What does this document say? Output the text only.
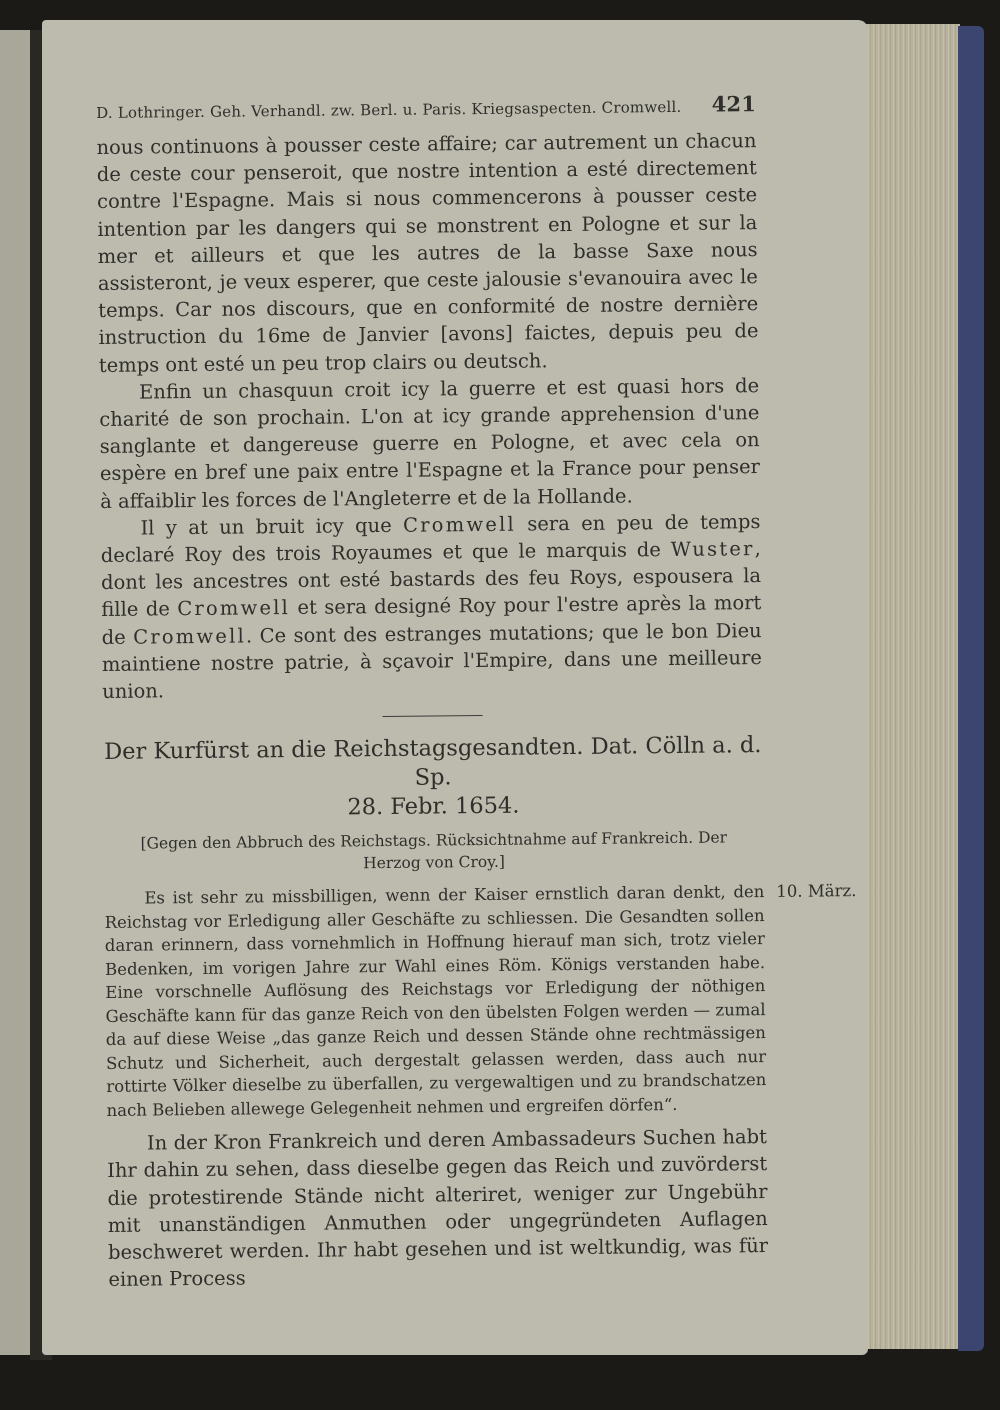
D. Lothringer. Geh. Verhandl. zw. Berl. u. Paris. Kriegsaspecten. Cromwell. 421

nous continuons à pousser ceste affaire; car autrement un chacun de ceste cour penseroit, que nostre intention a esté directement contre l'Espagne. Mais si nous commencerons à pousser ceste intention par les dangers qui se monstrent en Pologne et sur la mer et ailleurs et que les autres de la basse Saxe nous assisteront, je veux esperer, que ceste jalousie s'evanouira avec le temps. Car nos discours, que en conformité de nostre dernière instruction du 16me de Janvier [avons] faictes, depuis peu de temps ont esté un peu trop clairs ou deutsch.

Enfin un chasquun croit icy la guerre et est quasi hors de charité de son prochain. L'on at icy grande apprehension d'une sanglante et dangereuse guerre en Pologne, et avec cela on espère en bref une paix entre l'Espagne et la France pour penser à affaiblir les forces de l'Angleterre et de la Hollande.

Il y at un bruit icy que Cromwell sera en peu de temps declaré Roy des trois Royaumes et que le marquis de Wuster, dont les ancestres ont esté bastards des feu Roys, espousera la fille de Cromwell et sera designé Roy pour l'estre après la mort de Cromwell. Ce sont des estranges mutations; que le bon Dieu maintiene nostre patrie, à sçavoir l'Empire, dans une meilleure union.

Der Kurfürst an die Reichstagsgesandten. Dat. Cölln a. d. Sp.

28. Febr. 1654.

[Gegen den Abbruch des Reichstags. Rücksichtnahme auf Frankreich. Der
Herzog von Croy.]
10. März.

Es ist sehr zu missbilligen, wenn der Kaiser ernstlich daran denkt, den Reichstag vor Erledigung aller Geschäfte zu schliessen. Die Gesandten sollen daran erinnern, dass vornehmlich in Hoffnung hierauf man sich, trotz vieler Bedenken, im vorigen Jahre zur Wahl eines Röm. Königs verstanden habe. Eine vorschnelle Auflösung des Reichstags vor Erledigung der nöthigen Geschäfte kann für das ganze Reich von den übelsten Folgen werden — zumal da auf diese Weise „das ganze Reich und dessen Stände ohne rechtmässigen Schutz und Sicherheit, auch dergestalt gelassen werden, dass auch nur rottirte Völker dieselbe zu überfallen, zu vergewaltigen und zu brandschatzen nach Belieben allewege Gelegenheit nehmen und ergreifen dörfen“.

In der Kron Frankreich und deren Ambassadeurs Suchen habt Ihr dahin zu sehen, dass dieselbe gegen das Reich und zuvörderst die protestirende Stände nicht alteriret, weniger zur Ungebühr mit unanständigen Anmuthen oder ungegründeten Auflagen beschweret werden. Ihr habt gesehen und ist weltkundig, was für einen Process
